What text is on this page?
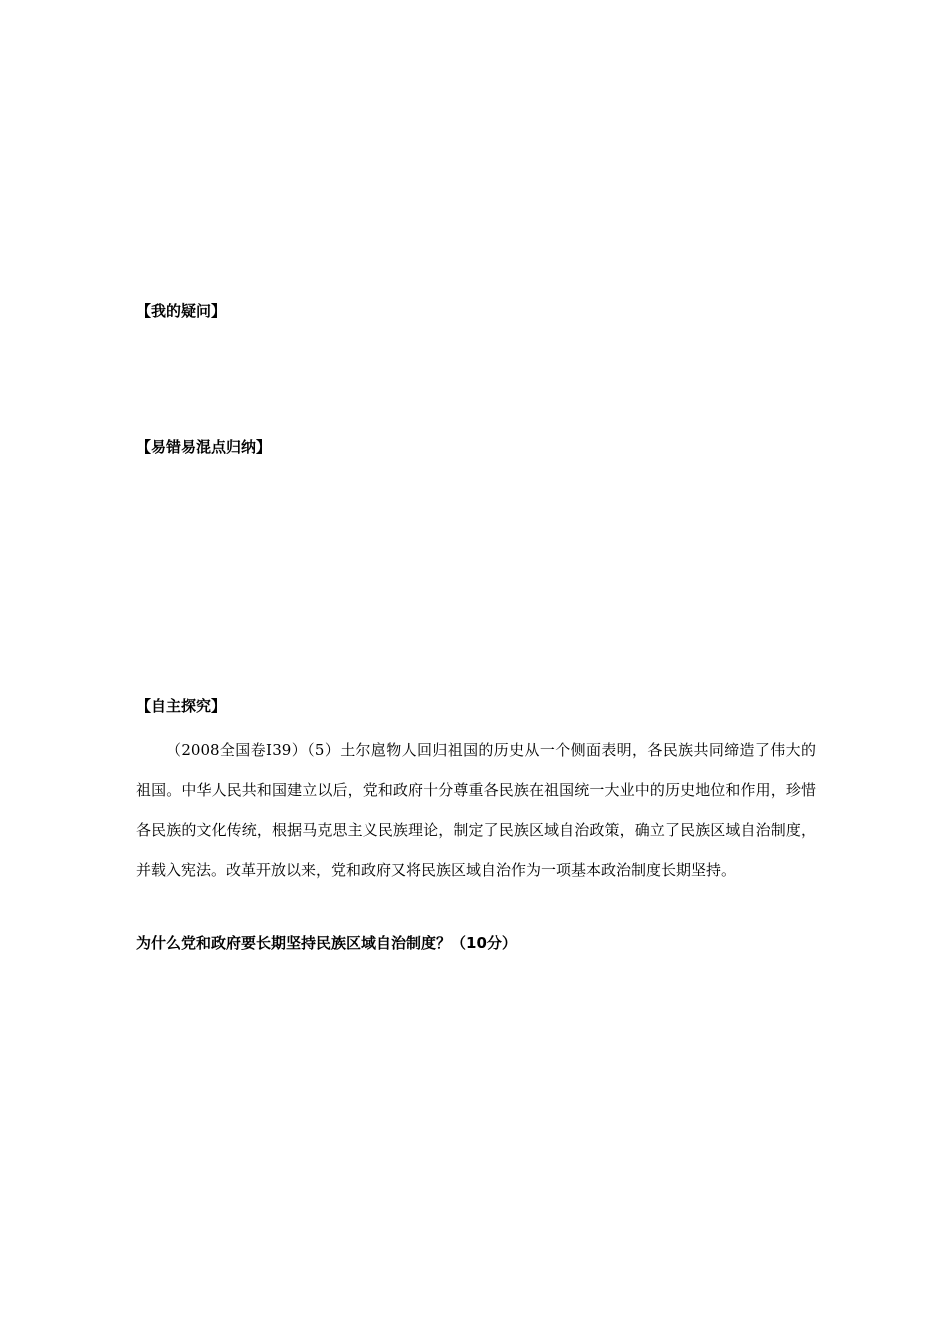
【我的疑问】

【易错易混点归纳】

【自主探究】

（2008全国卷Ⅰ39）（5）土尔扈物人回归祖国的历史从一个侧面表明，各民族共同缔造了伟大的祖国。中华人民共和国建立以后，党和政府十分尊重各民族在祖国统一大业中的历史地位和作用，珍惜各民族的文化传统，根据马克思主义民族理论，制定了民族区域自治政策，确立了民族区域自治制度，并载入宪法。改革开放以来，党和政府又将民族区域自治作为一项基本政治制度长期坚持。

为什么党和政府要长期坚持民族区域自治制度？（10分）
